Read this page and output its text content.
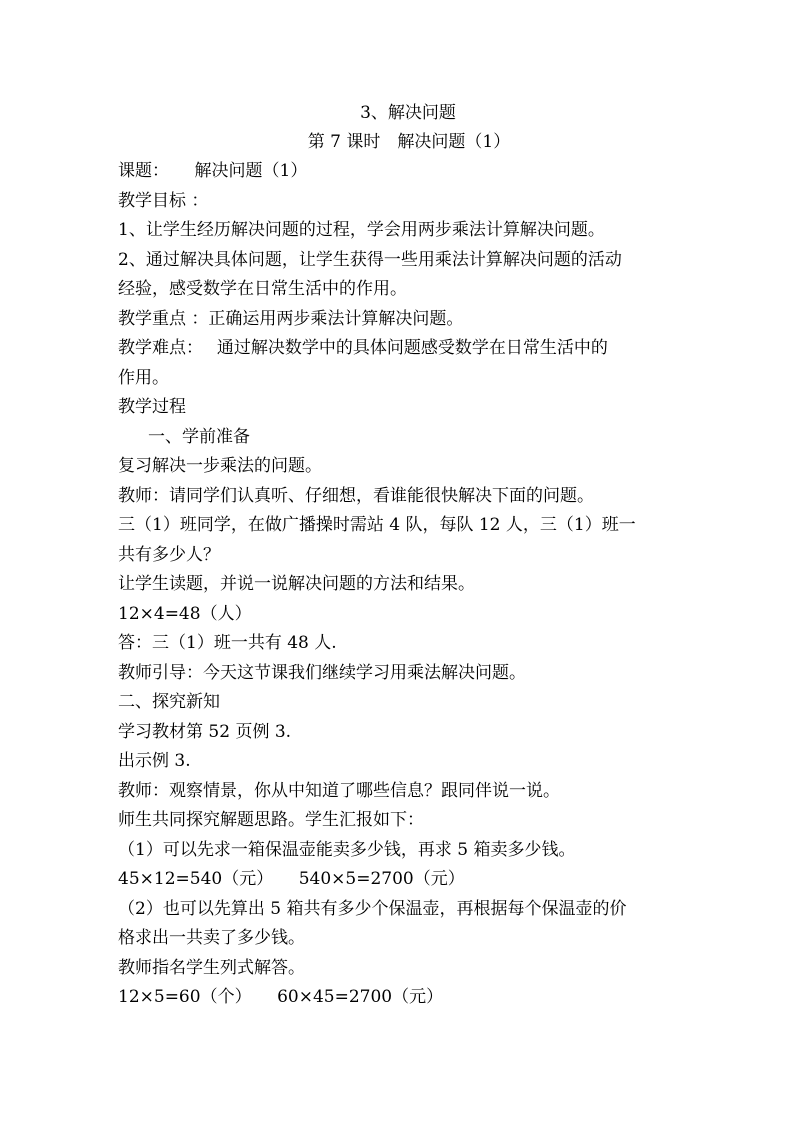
3、解决问题
第 7 课时　解决问题（1）
课题：　　解决问题（1）
教学目标 ：
1、让学生经历解决问题的过程，学会用两步乘法计算解决问题。
2、通过解决具体问题，让学生获得一些用乘法计算解决问题的活动
经验，感受数学在日常生活中的作用。
教学重点 ：正确运用两步乘法计算解决问题。
教学难点：　 通过解决数学中的具体问题感受数学在日常生活中的
作用。
教学过程
一、学前准备
复习解决一步乘法的问题。
教师：请同学们认真听、仔细想，看谁能很快解决下面的问题。
三（1）班同学，在做广播操时需站 4 队，每队 12 人，三（1）班一
共有多少人？
让学生读题，并说一说解决问题的方法和结果。
12×4=48（人）
答：三（1）班一共有 48 人.
教师引导：今天这节课我们继续学习用乘法解决问题。
二、探究新知
学习教材第 52 页例 3.
出示例 3.
教师：观察情景，你从中知道了哪些信息？跟同伴说一说。
师生共同探究解题思路。学生汇报如下：
（1）可以先求一箱保温壶能卖多少钱，再求 5 箱卖多少钱。
45×12=540（元）　　540×5=2700（元）
（2）也可以先算出 5 箱共有多少个保温壶，再根据每个保温壶的价
格求出一共卖了多少钱。
教师指名学生列式解答。
12×5=60（个）　　60×45=2700（元）
